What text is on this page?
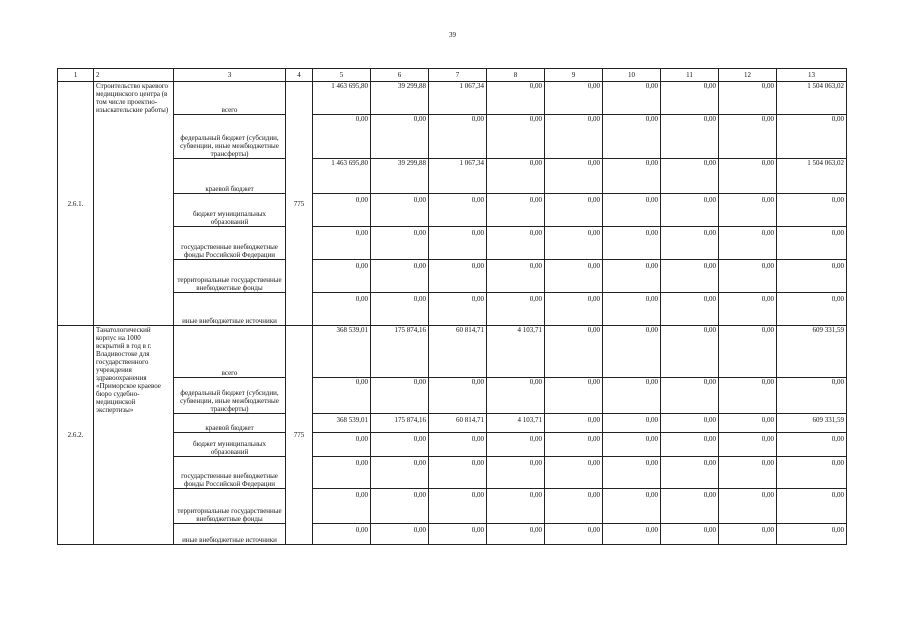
39
1	2	3	4	5	6	7	8	9	10	11	12	13
2.6.1.	Строительство краевого медицинского центра (в том числе проектно-изыскательские работы)	всего	775	1 463 695,80	39 299,88	1 067,34	0,00	0,00	0,00	0,00	0,00	1 504 063,02
		федеральный бюджет (субсидии, субвенции, иные межбюджетные трансферты)		0,00	0,00	0,00	0,00	0,00	0,00	0,00	0,00	0,00
		краевой бюджет		1 463 695,80	39 299,88	1 067,34	0,00	0,00	0,00	0,00	0,00	1 504 063,02
		бюджет муниципальных образований		0,00	0,00	0,00	0,00	0,00	0,00	0,00	0,00	0,00
		государственные внебюджетные фонды Российской Федерации		0,00	0,00	0,00	0,00	0,00	0,00	0,00	0,00	0,00
		территориальные государственные внебюджетные фонды		0,00	0,00	0,00	0,00	0,00	0,00	0,00	0,00	0,00
		иные внебюджетные источники		0,00	0,00	0,00	0,00	0,00	0,00	0,00	0,00	0,00
2.6.2.	Танатологический корпус на 1000 вскрытий в год в г. Владивостоке для государственного учреждения здравоохранения «Приморское краевое бюро судебно-медицинской экспертизы»	всего	775	368 539,01	175 874,16	60 814,71	4 103,71	0,00	0,00	0,00	0,00	609 331,59
		федеральный бюджет (субсидии, субвенции, иные межбюджетные трансферты)		0,00	0,00	0,00	0,00	0,00	0,00	0,00	0,00	0,00
		краевой бюджет		368 539,01	175 874,16	60 814,71	4 103,71	0,00	0,00	0,00	0,00	609 331,59
		бюджет муниципальных образований		0,00	0,00	0,00	0,00	0,00	0,00	0,00	0,00	0,00
		государственные внебюджетные фонды Российской Федерации		0,00	0,00	0,00	0,00	0,00	0,00	0,00	0,00	0,00
		территориальные государственные внебюджетные фонды		0,00	0,00	0,00	0,00	0,00	0,00	0,00	0,00	0,00
		иные внебюджетные источники		0,00	0,00	0,00	0,00	0,00	0,00	0,00	0,00	0,00
